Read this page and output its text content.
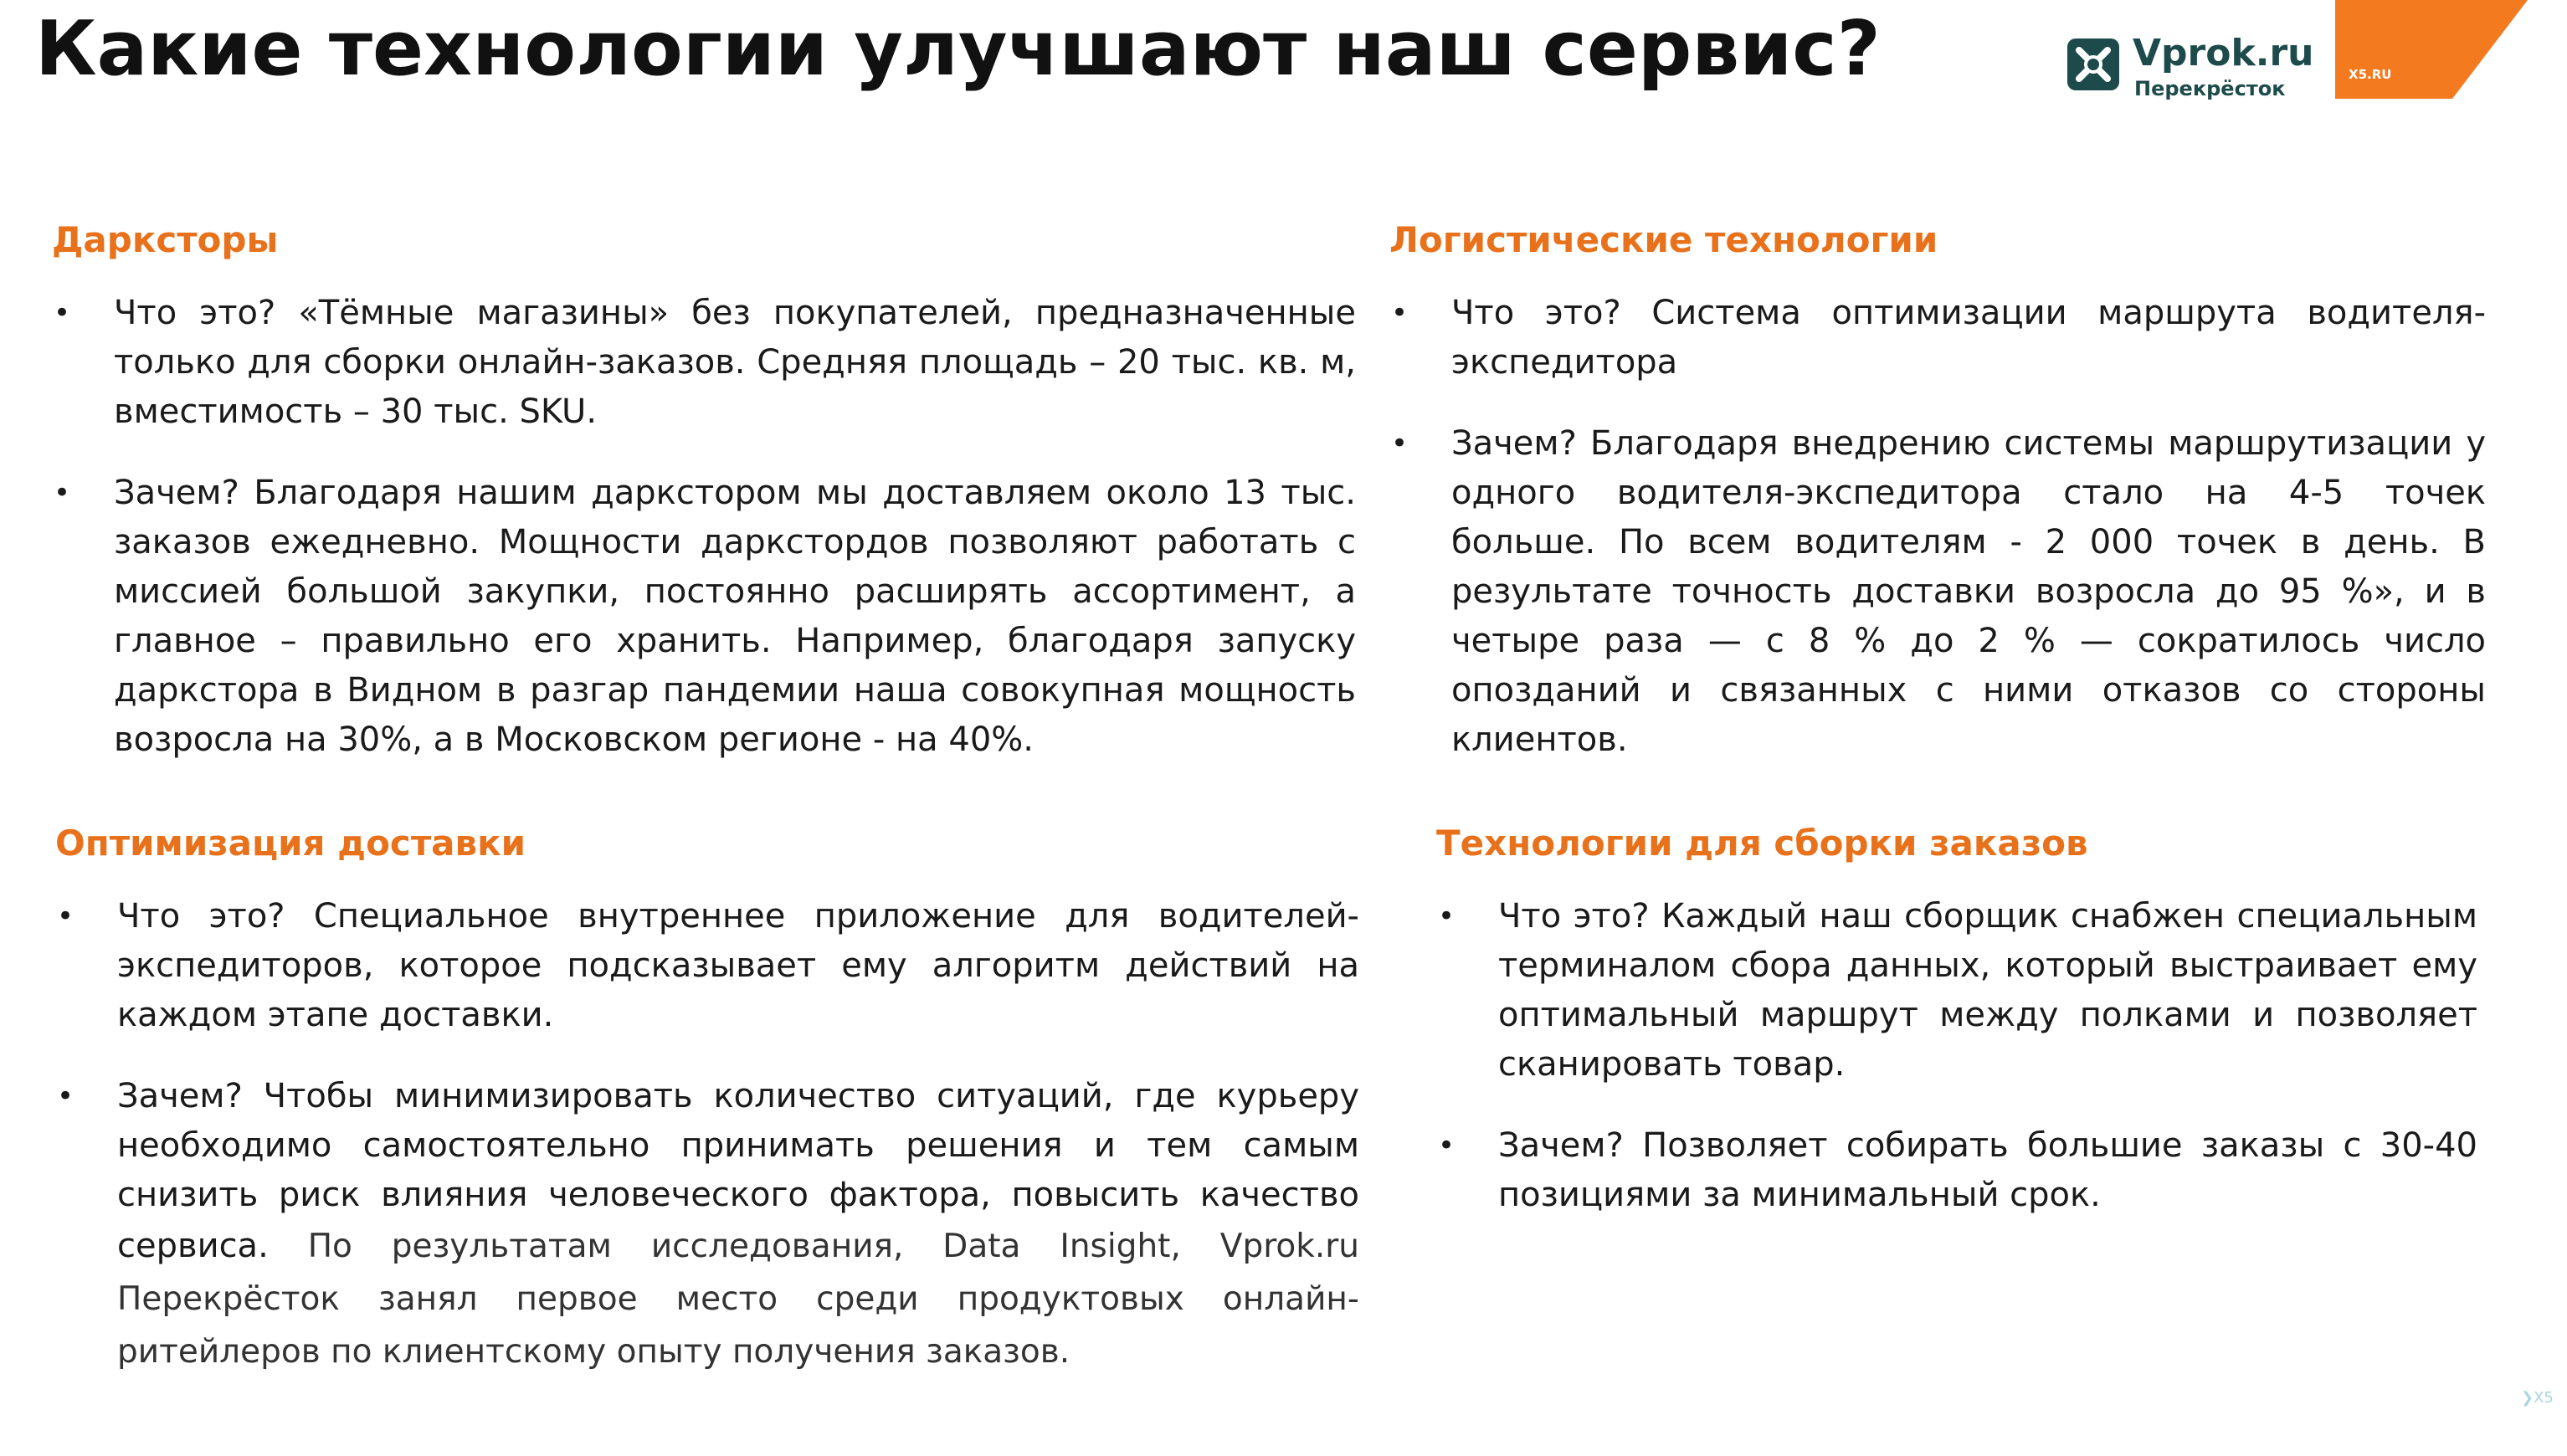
Какие технологии улучшают наш сервис?	Vprok.ru
Перекрёсток
X5.RU
❯X5
Дарксторы
• Что это? «Тёмные магазины» без покупателей, предназначенные только для сборки онлайн-заказов. Средняя площадь – 20 тыс. кв. м, вместимость – 30 тыс. SKU.
• Зачем? Благодаря нашим даркстором мы доставляем около 13 тыс. заказов ежедневно. Мощности даркстордов позволяют работать с миссией большой закупки, постоянно расширять ассортимент, а главное – правильно его хранить. Например, благодаря запуску даркстора в Видном в разгар пандемии наша совокупная мощность возросла на 30%, а в Московском регионе - на 40%.
Логистические технологии
• Что это? Система оптимизации маршрута водителя-экспедитора
• Зачем? Благодаря внедрению системы маршрутизации у одного водителя-экспедитора стало на 4-5 точек больше. По всем водителям - 2 000 точек в день. В результате точность доставки возросла до 95 %», и в четыре раза — с 8 % до 2 % — сократилось число опозданий и связанных с ними отказов со стороны клиентов.
Оптимизация доставки
• Что это? Специальное внутреннее приложение для водителей-экспедиторов, которое подсказывает ему алгоритм действий на каждом этапе доставки.
• Зачем? Чтобы минимизировать количество ситуаций, где курьеру необходимо самостоятельно принимать решения и тем самым снизить риск влияния человеческого фактора, повысить качество сервиса. По результатам исследования, Data Insight, Vprok.ru Перекрёсток занял первое место среди продуктовых онлайн-ритейлеров по клиентскому опыту получения заказов.
Технологии для сборки заказов
• Что это? Каждый наш сборщик снабжен специальным терминалом сбора данных, который выстраивает ему оптимальный маршрут между полками и позволяет сканировать товар.
• Зачем? Позволяет собирать большие заказы с 30-40 позициями за минимальный срок.
